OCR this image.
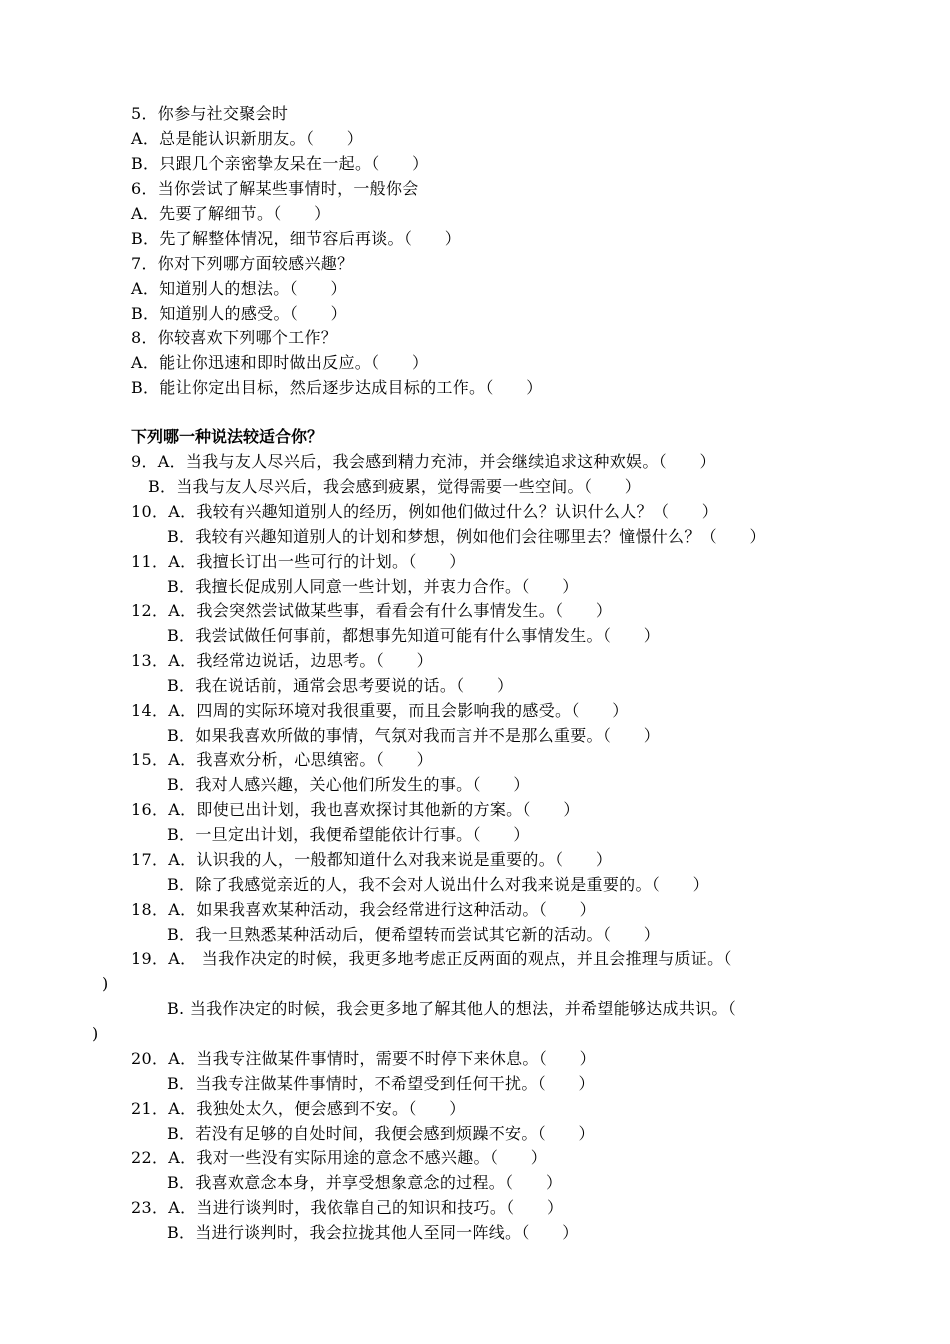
5．你参与社交聚会时
A．总是能认识新朋友。（　　）
B．只跟几个亲密挚友呆在一起。（　　）
6．当你尝试了解某些事情时，一般你会
A．先要了解细节。（　　）
B．先了解整体情况，细节容后再谈。（　　）
7．你对下列哪方面较感兴趣？
A．知道别人的想法。（　　）
B．知道别人的感受。（　　）
8．你较喜欢下列哪个工作？
A．能让你迅速和即时做出反应。（　　）
B．能让你定出目标，然后逐步达成目标的工作。（　　）
下列哪一种说法较适合你？
9．A．当我与友人尽兴后，我会感到精力充沛，并会继续追求这种欢娱。（　　）
B．当我与友人尽兴后，我会感到疲累，觉得需要一些空间。（　　）
10．A．我较有兴趣知道别人的经历，例如他们做过什么？认识什么人？（　　）
B．我较有兴趣知道别人的计划和梦想，例如他们会往哪里去？憧憬什么？（　　）
11．A．我擅长订出一些可行的计划。（　　）
B．我擅长促成别人同意一些计划，并衷力合作。（　　）
12．A．我会突然尝试做某些事，看看会有什么事情发生。（　　）
B．我尝试做任何事前，都想事先知道可能有什么事情发生。（　　）
13．A．我经常边说话，边思考。（　　）
B．我在说话前，通常会思考要说的话。（　　）
14．A．四周的实际环境对我很重要，而且会影响我的感受。（　　）
B．如果我喜欢所做的事情，气氛对我而言并不是那么重要。（　　）
15．A．我喜欢分析，心思缜密。（　　）
B．我对人感兴趣，关心他们所发生的事。（　　）
16．A．即使已出计划，我也喜欢探讨其他新的方案。（　　）
B．一旦定出计划，我便希望能依计行事。（　　）
17．A．认识我的人，一般都知道什么对我来说是重要的。（　　）
B．除了我感觉亲近的人，我不会对人说出什么对我来说是重要的。（　　）
18．A．如果我喜欢某种活动，我会经常进行这种活动。（　　）
B．我一旦熟悉某种活动后，便希望转而尝试其它新的活动。（　　）
19．A． 当我作决定的时候，我更多地考虑正反两面的观点，并且会推理与质证。（
)
B. 当我作决定的时候，我会更多地了解其他人的想法，并希望能够达成共识。（
)
20．A．当我专注做某件事情时，需要不时停下来休息。（　　）
B．当我专注做某件事情时，不希望受到任何干扰。（　　）
21．A．我独处太久，便会感到不安。（　　）
B．若没有足够的自处时间，我便会感到烦躁不安。（　　）
22．A．我对一些没有实际用途的意念不感兴趣。（　　）
B．我喜欢意念本身，并享受想象意念的过程。（　　）
23．A．当进行谈判时，我依靠自己的知识和技巧。（　　）
B．当进行谈判时，我会拉拢其他人至同一阵线。（　　）
